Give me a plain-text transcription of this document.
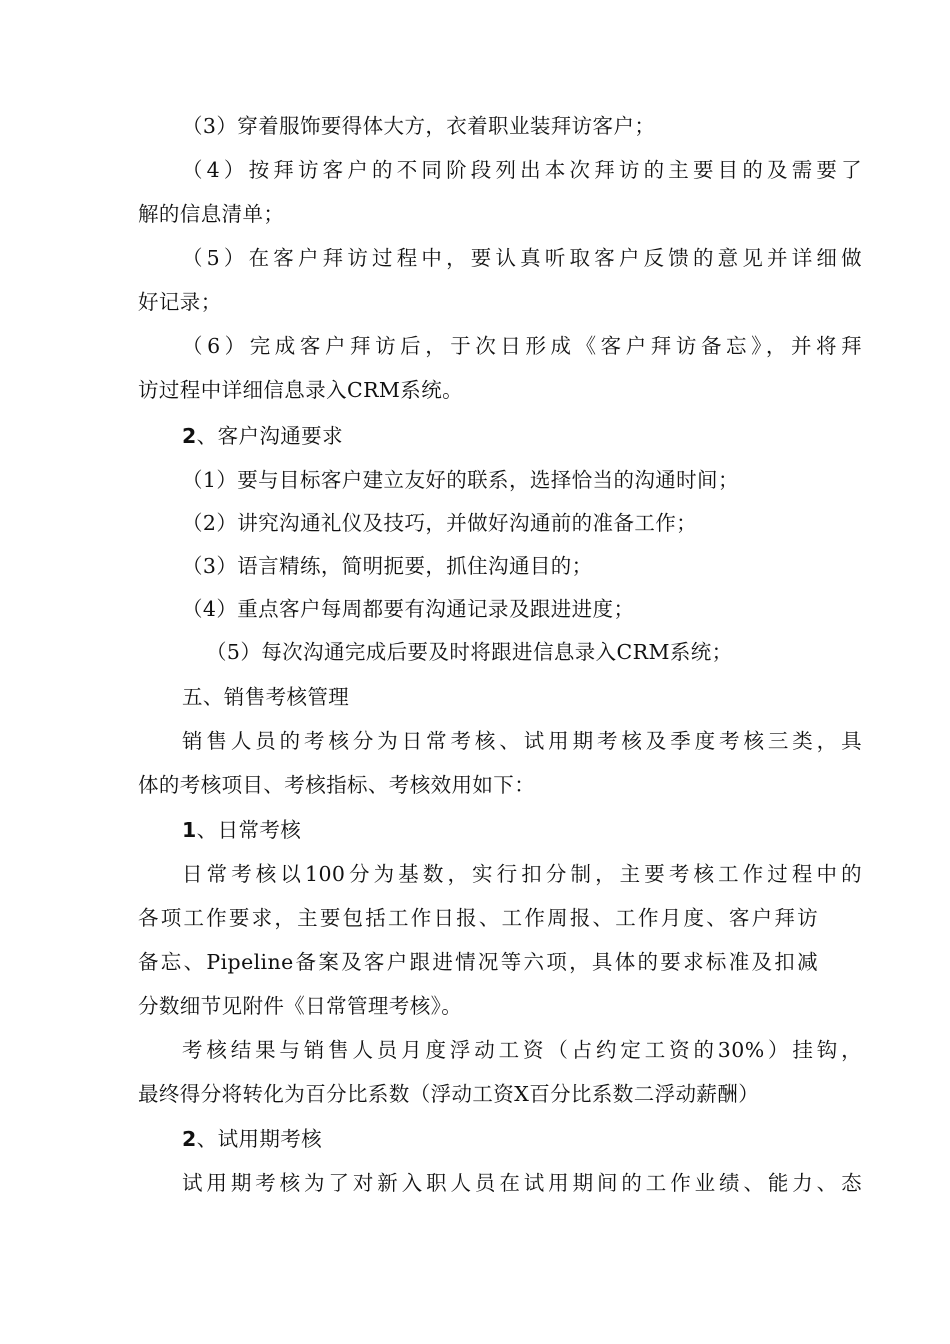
（3）穿着服饰要得体大方，衣着职业装拜访客户；
（4）按拜访客户的不同阶段列出本次拜访的主要目的及需要了
解的信息清单；
（5）在客户拜访过程中，要认真听取客户反馈的意见并详细做
好记录；
（6）完成客户拜访后，于次日形成《客户拜访备忘》，并将拜
访过程中详细信息录入CRM系统。
2、客户沟通要求
（1）要与目标客户建立友好的联系，选择恰当的沟通时间；
（2）讲究沟通礼仪及技巧，并做好沟通前的准备工作；
（3）语言精练，简明扼要，抓住沟通目的；
（4）重点客户每周都要有沟通记录及跟进进度；
（5）每次沟通完成后要及时将跟进信息录入CRM系统；
五、销售考核管理
销售人员的考核分为日常考核、试用期考核及季度考核三类，具
体的考核项目、考核指标、考核效用如下：
1、日常考核
日常考核以100分为基数，实行扣分制，主要考核工作过程中的
各项工作要求，主要包括工作日报、工作周报、工作月度、客户拜访
备忘、Pipeline备案及客户跟进情况等六项，具体的要求标准及扣减
分数细节见附件《日常管理考核》。
考核结果与销售人员月度浮动工资（占约定工资的30%）挂钩，
最终得分将转化为百分比系数（浮动工资X百分比系数二浮动薪酬）
2、试用期考核
试用期考核为了对新入职人员在试用期间的工作业绩、能力、态
